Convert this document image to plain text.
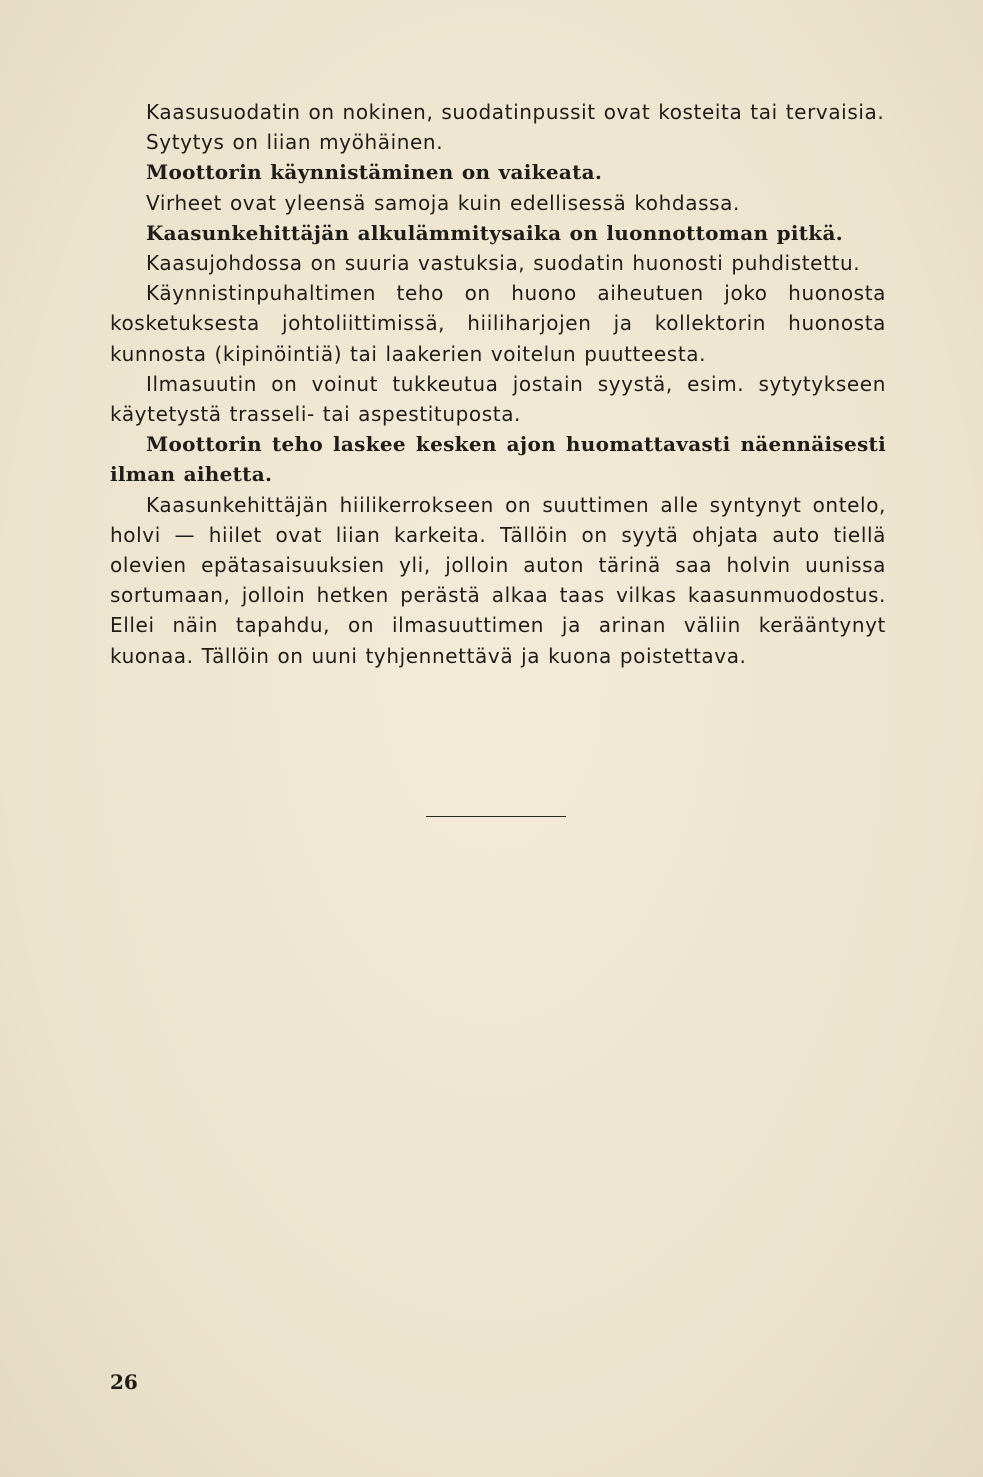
Kaasusuodatin on nokinen, suodatinpussit ovat kosteita tai tervaisia.

Sytytys on liian myöhäinen.

Moottorin käynnistäminen on vaikeata.

Virheet ovat yleensä samoja kuin edellisessä kohdassa.

Kaasunkehittäjän alkulämmitysaika on luonnottoman pitkä.

Kaasujohdossa on suuria vastuksia, suodatin huonosti puhdistettu.

Käynnistinpuhaltimen teho on huono aiheutuen joko huonosta kosketuksesta johtoliittimissä, hiiliharjojen ja kollektorin huonosta kunnosta (kipinöintiä) tai laakerien voitelun puutteesta.

Ilmasuutin on voinut tukkeutua jostain syystä, esim. sytytykseen käytetystä trasseli- tai aspestituposta.

Moottorin teho laskee kesken ajon huomattavasti näennäisesti ilman aihetta.

Kaasunkehittäjän hiilikerrokseen on suuttimen alle syntynyt ontelo, holvi — hiilet ovat liian karkeita. Tällöin on syytä ohjata auto tiellä olevien epätasaisuuksien yli, jolloin auton tärinä saa holvin uunissa sortumaan, jolloin hetken perästä alkaa taas vilkas kaasunmuodostus. Ellei näin tapahdu, on ilmasuuttimen ja arinan väliin kerääntynyt kuonaa. Tällöin on uuni tyhjennettävä ja kuona poistettava.

26
